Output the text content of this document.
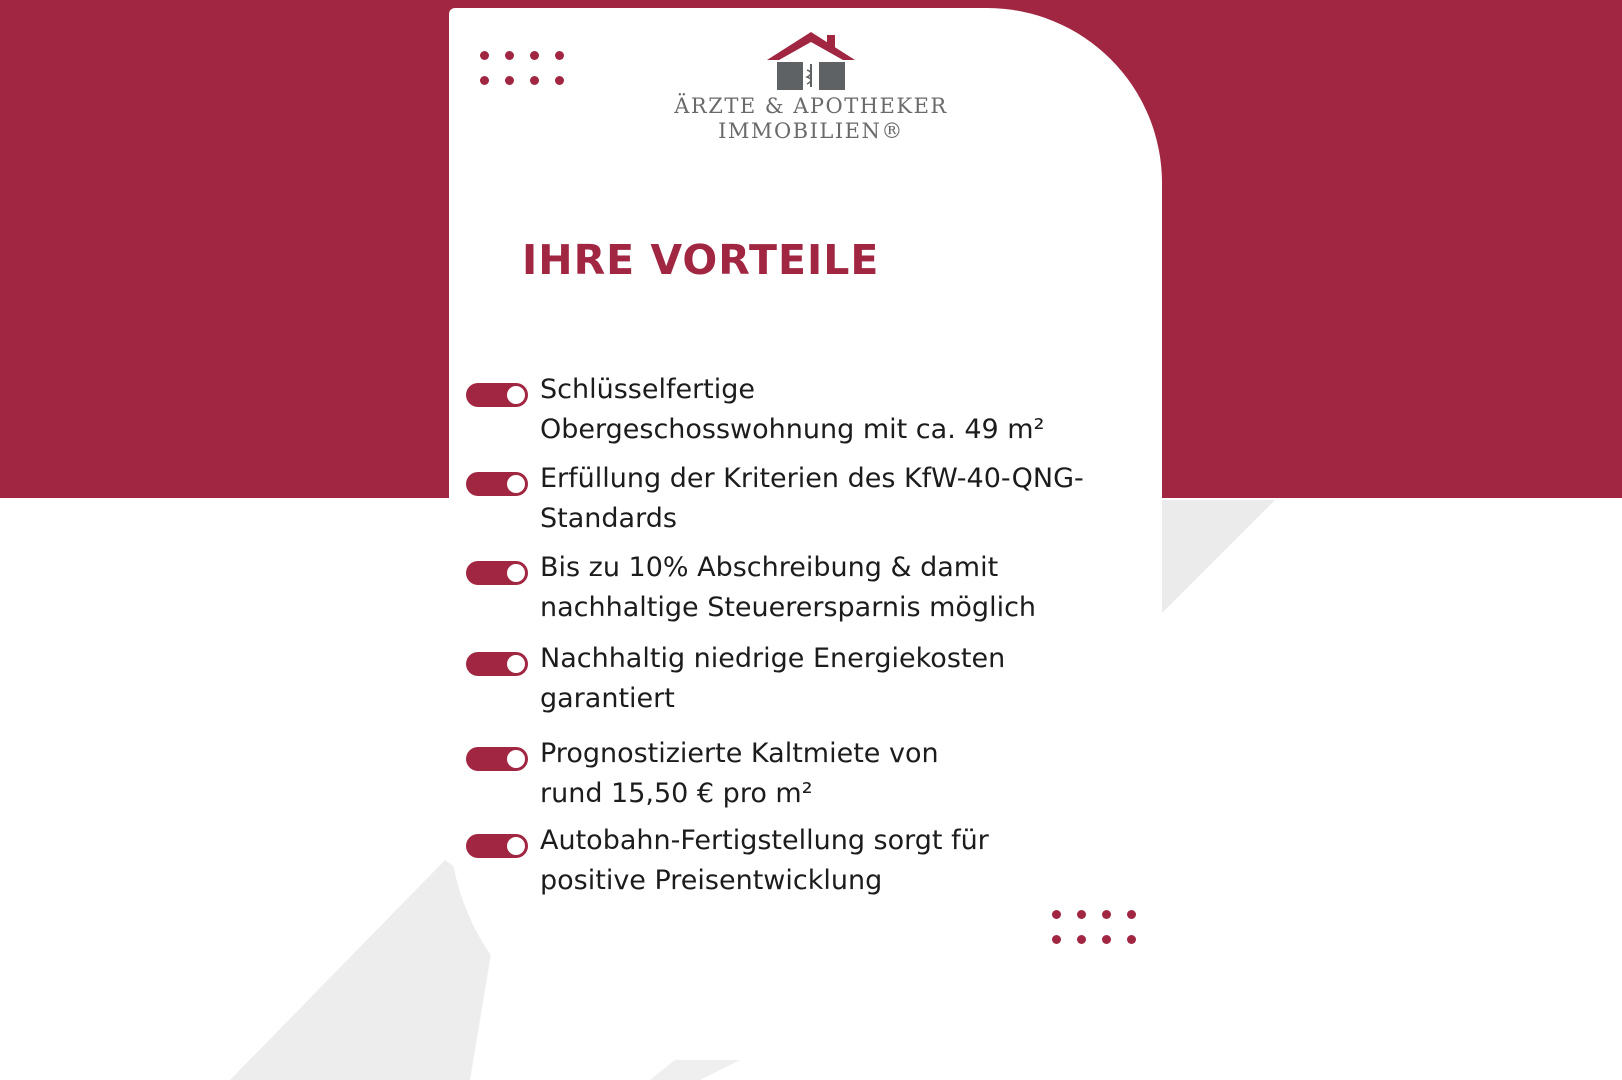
ÄRZTE & APOTHEKER
IMMOBILIEN®
IHRE VORTEILE
Schlüsselfertige
Obergeschosswohnung mit ca. 49 m²
Erfüllung der Kriterien des KfW-40-QNG-
Standards
Bis zu 10% Abschreibung & damit
nachhaltige Steuerersparnis möglich
Nachhaltig niedrige Energiekosten
garantiert
Prognostizierte Kaltmiete von
rund 15,50 € pro m²
Autobahn-Fertigstellung sorgt für
positive Preisentwicklung
